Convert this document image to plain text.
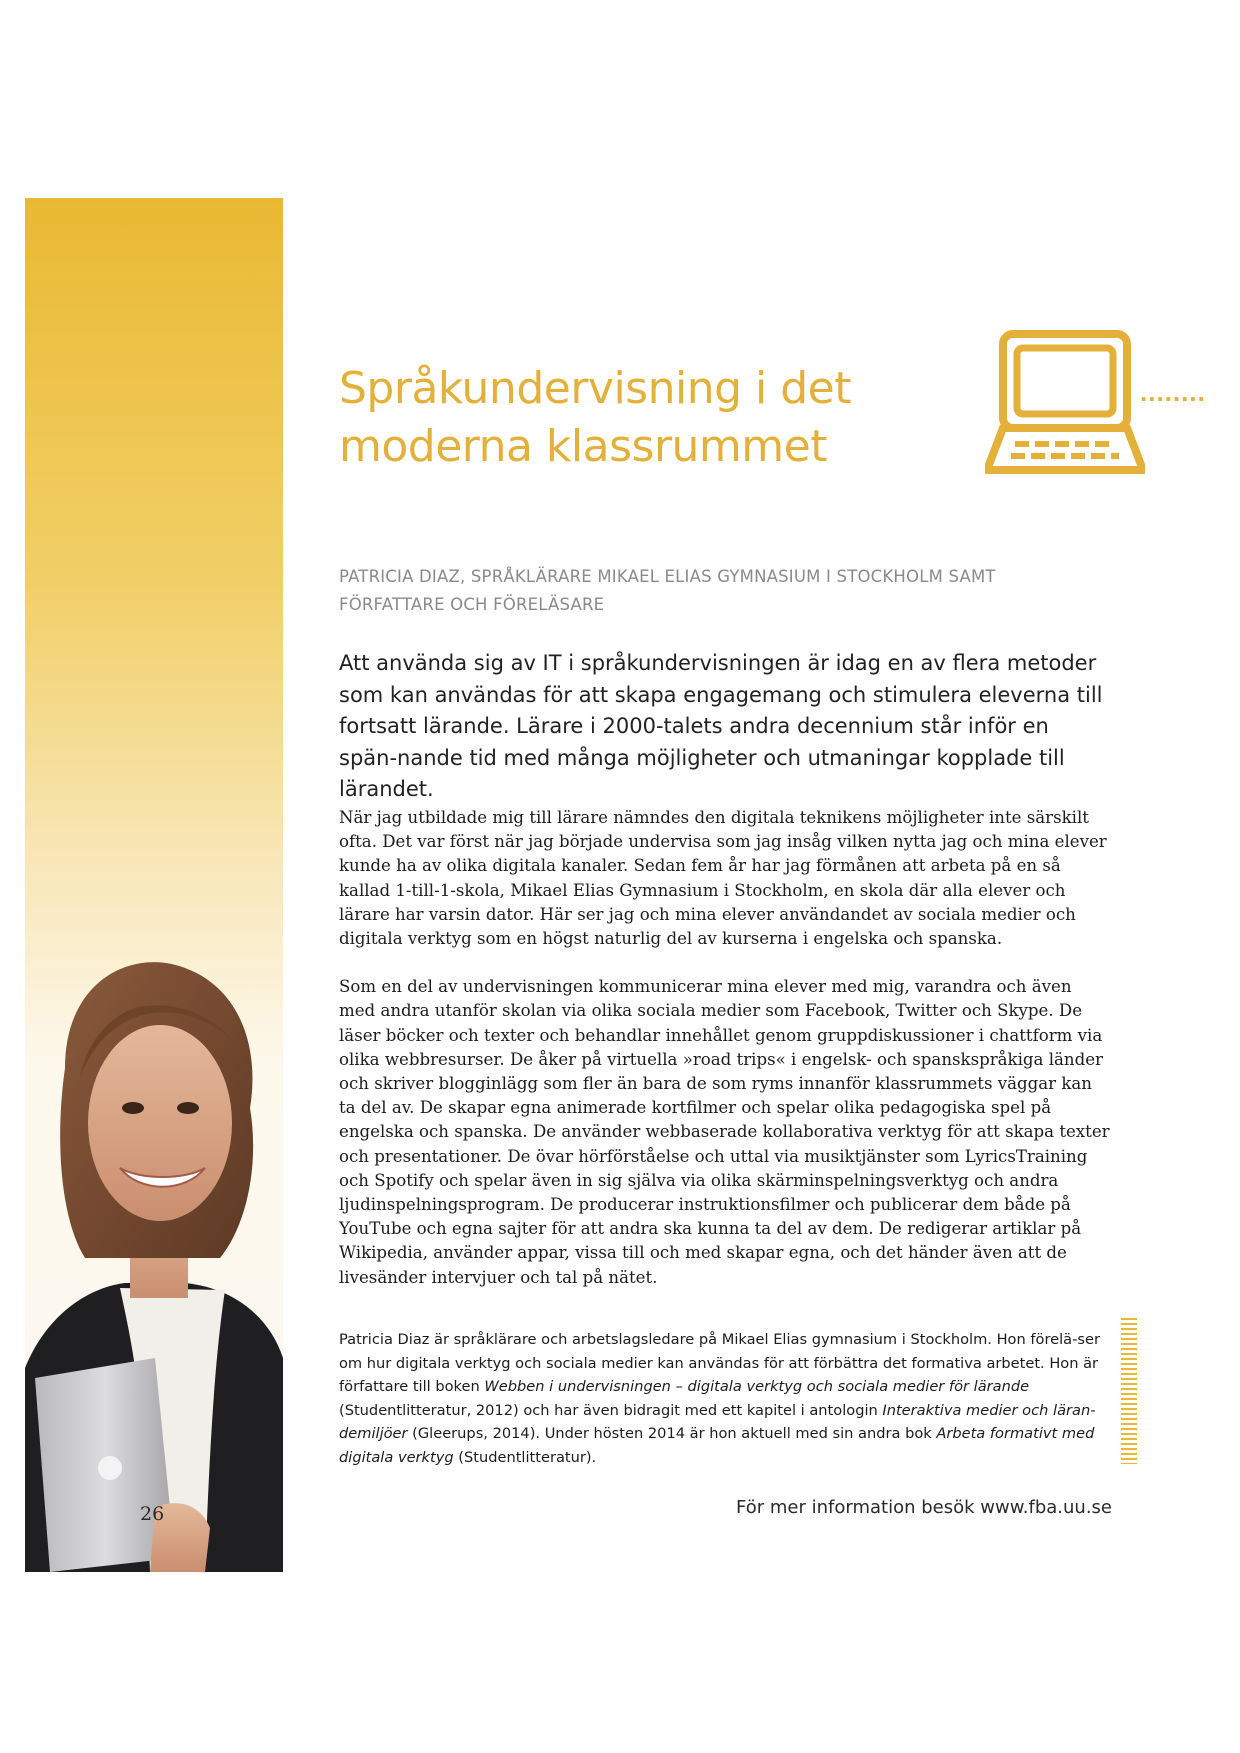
26
Språkundervisning i det
moderna klassrummet
........

PATRICIA DIAZ, SPRÅKLÄRARE MIKAEL ELIAS GYMNASIUM I STOCKHOLM SAMT FÖRFATTARE OCH FÖRELÄSARE

Att använda sig av IT i språkundervisningen är idag en av flera metoder som kan användas för att skapa engagemang och stimulera eleverna till fortsatt lärande. Lärare i 2000-talets andra decennium står inför en spän-nande tid med många möjligheter och utmaningar kopplade till lärandet.

När jag utbildade mig till lärare nämndes den digitala teknikens möjligheter inte särskilt ofta. Det var först när jag började undervisa som jag insåg vilken nytta jag och mina elever kunde ha av olika digitala kanaler. Sedan fem år har jag förmånen att arbeta på en så kallad 1-till-1-skola, Mikael Elias Gymnasium i Stockholm, en skola där alla elever och lärare har varsin dator. Här ser jag och mina elever användandet av sociala medier och digitala verktyg som en högst naturlig del av kurserna i engelska och spanska.

Som en del av undervisningen kommunicerar mina elever med mig, varandra och även med andra utanför skolan via olika sociala medier som Facebook, Twitter och Skype. De läser böcker och texter och behandlar innehållet genom gruppdiskussioner i chattform via olika webbresurser. De åker på virtuella »road trips« i engelsk- och spanskspråkiga länder och skriver blogginlägg som fler än bara de som ryms innanför klassrummets väggar kan ta del av. De skapar egna animerade kortfilmer och spelar olika pedagogiska spel på engelska och spanska. De använder webbaserade kollaborativa verktyg för att skapa texter och presentationer. De övar hörförståelse och uttal via musiktjänster som LyricsTraining och Spotify och spelar även in sig själva via olika skärminspelningsverktyg och andra ljudinspelningsprogram. De producerar instruktionsfilmer och publicerar dem både på YouTube och egna sajter för att andra ska kunna ta del av dem. De redigerar artiklar på Wikipedia, använder appar, vissa till och med skapar egna, och det händer även att de livesänder intervjuer och tal på nätet.

Patricia Diaz är språklärare och arbetslagsledare på Mikael Elias gymnasium i Stockholm. Hon förelä-ser om hur digitala verktyg och sociala medier kan användas för att förbättra det formativa arbetet. Hon är författare till boken Webben i undervisningen – digitala verktyg och sociala medier för lärande (Studentlitteratur, 2012) och har även bidragit med ett kapitel i antologin Interaktiva medier och läran-demiljöer (Gleerups, 2014). Under hösten 2014 är hon aktuell med sin andra bok Arbeta formativt med digitala verktyg (Studentlitteratur).

För mer information besök www.fba.uu.se
